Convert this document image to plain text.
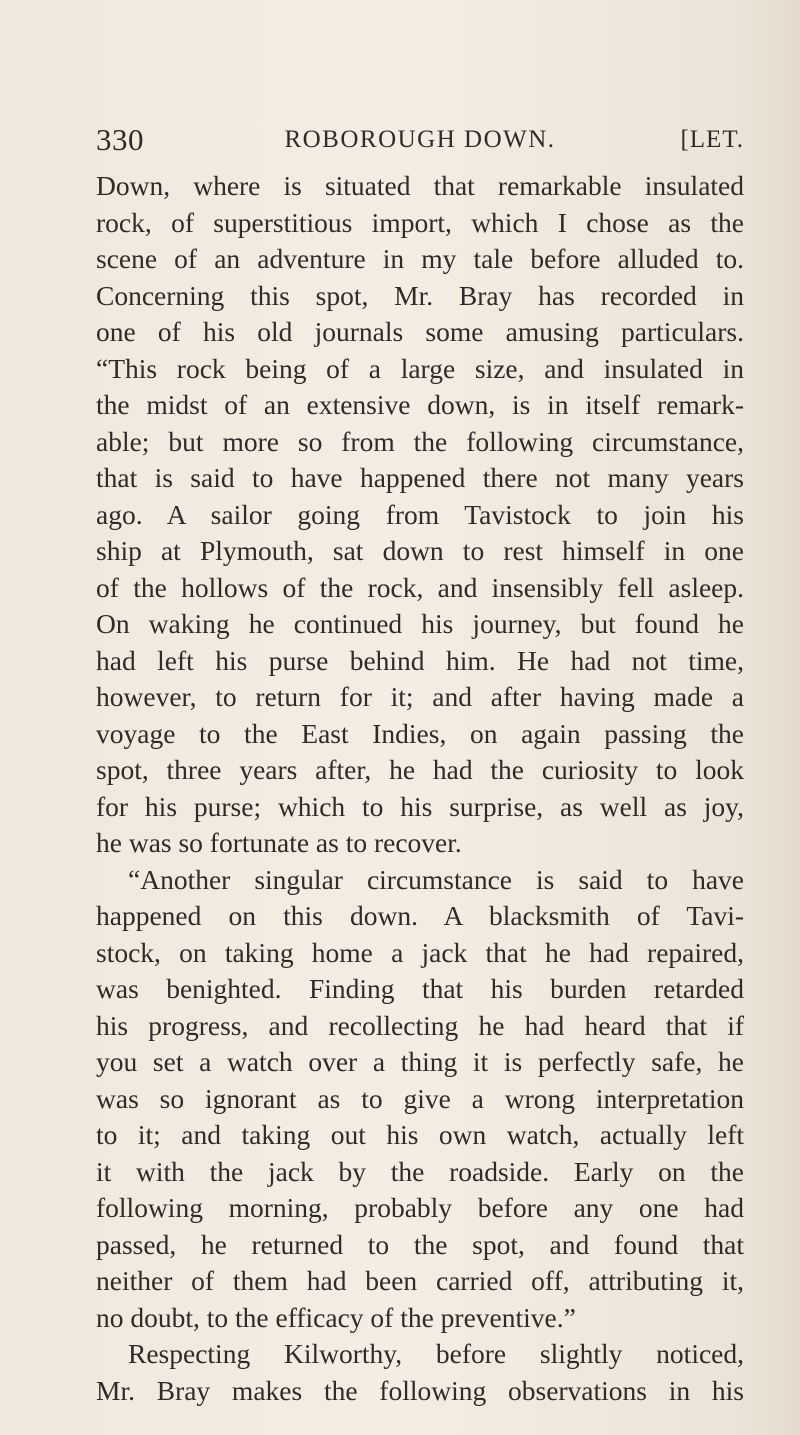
330	ROBOROUGH DOWN.	[LET.
Down, where is situated that remarkable insulated
rock, of superstitious import, which I chose as the
scene of an adventure in my tale before alluded to.
Concerning this spot, Mr. Bray has recorded in
one of his old journals some amusing particulars.
“This rock being of a large size, and insulated in
the midst of an extensive down, is in itself remark-
able; but more so from the following circumstance,
that is said to have happened there not many years
ago. A sailor going from Tavistock to join his
ship at Plymouth, sat down to rest himself in one
of the hollows of the rock, and insensibly fell asleep.
On waking he continued his journey, but found he
had left his purse behind him. He had not time,
however, to return for it; and after having made a
voyage to the East Indies, on again passing the
spot, three years after, he had the curiosity to look
for his purse; which to his surprise, as well as joy,
he was so fortunate as to recover.
“Another singular circumstance is said to have
happened on this down. A blacksmith of Tavi-
stock, on taking home a jack that he had repaired,
was benighted. Finding that his burden retarded
his progress, and recollecting he had heard that if
you set a watch over a thing it is perfectly safe, he
was so ignorant as to give a wrong interpretation
to it; and taking out his own watch, actually left
it with the jack by the roadside. Early on the
following morning, probably before any one had
passed, he returned to the spot, and found that
neither of them had been carried off, attributing it,
no doubt, to the efficacy of the preventive.”
Respecting Kilworthy, before slightly noticed,
Mr. Bray makes the following observations in his
